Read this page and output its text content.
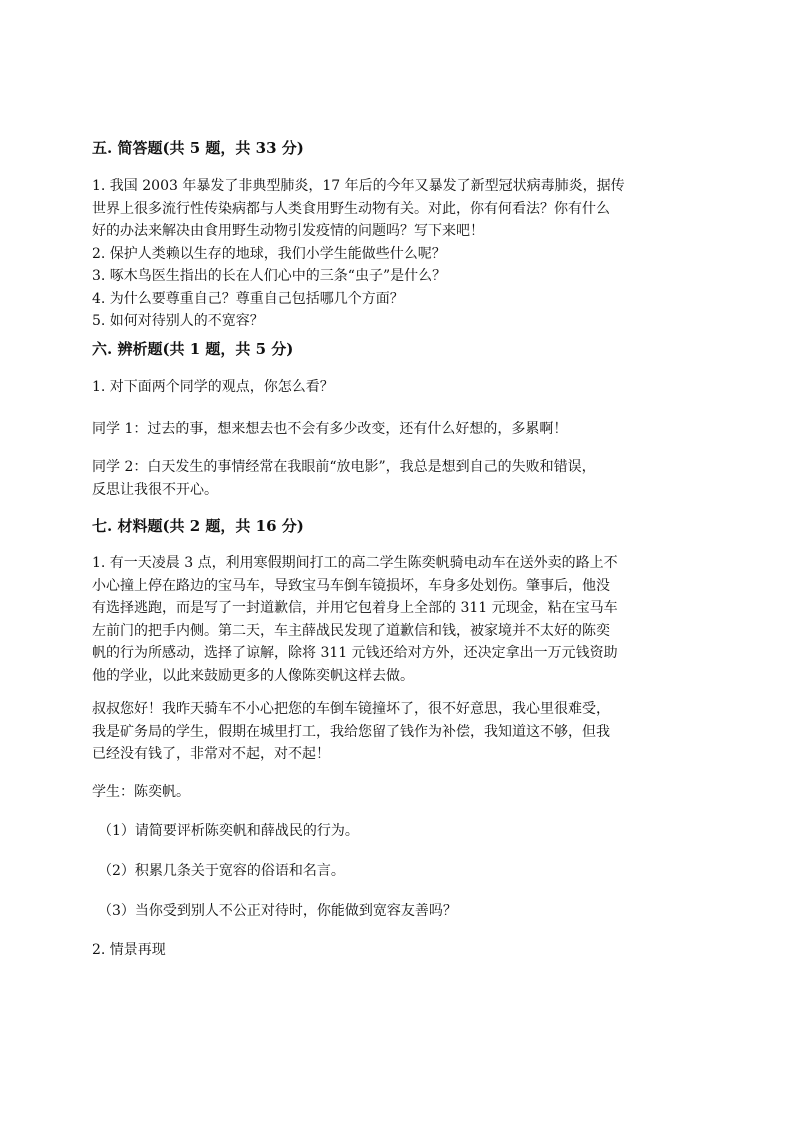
五. 简答题(共 5 题，共 33 分)

1. 我国 2003 年暴发了非典型肺炎，17 年后的今年又暴发了新型冠状病毒肺炎，据传
世界上很多流行性传染病都与人类食用野生动物有关。对此，你有何看法？你有什么
好的办法来解决由食用野生动物引发疫情的问题吗？写下来吧！
2. 保护人类赖以生存的地球，我们小学生能做些什么呢？
3. 啄木鸟医生指出的长在人们心中的三条“虫子”是什么？
4. 为什么要尊重自己？尊重自己包括哪几个方面？
5. 如何对待别人的不宽容？

六. 辨析题(共 1 题，共 5 分)

1. 对下面两个同学的观点，你怎么看？
同学 1：过去的事，想来想去也不会有多少改变，还有什么好想的，多累啊！
同学 2：白天发生的事情经常在我眼前“放电影”，我总是想到自己的失败和错误，
反思让我很不开心。

七. 材料题(共 2 题，共 16 分)

1. 有一天凌晨 3 点，利用寒假期间打工的高二学生陈奕帆骑电动车在送外卖的路上不
小心撞上停在路边的宝马车，导致宝马车倒车镜损坏，车身多处划伤。肇事后，他没
有选择逃跑，而是写了一封道歉信，并用它包着身上全部的 311 元现金，粘在宝马车
左前门的把手内侧。第二天，车主薛战民发现了道歉信和钱，被家境并不太好的陈奕
帆的行为所感动，选择了谅解，除将 311 元钱还给对方外，还决定拿出一万元钱资助
他的学业，以此来鼓励更多的人像陈奕帆这样去做。
叔叔您好！我昨天骑车不小心把您的车倒车镜撞坏了，很不好意思，我心里很难受，
我是矿务局的学生，假期在城里打工，我给您留了钱作为补偿，我知道这不够，但我
已经没有钱了，非常对不起，对不起！
学生：陈奕帆。
（1）请简要评析陈奕帆和薛战民的行为。
（2）积累几条关于宽容的俗语和名言。
（3）当你受到别人不公正对待时，你能做到宽容友善吗？
2. 情景再现
